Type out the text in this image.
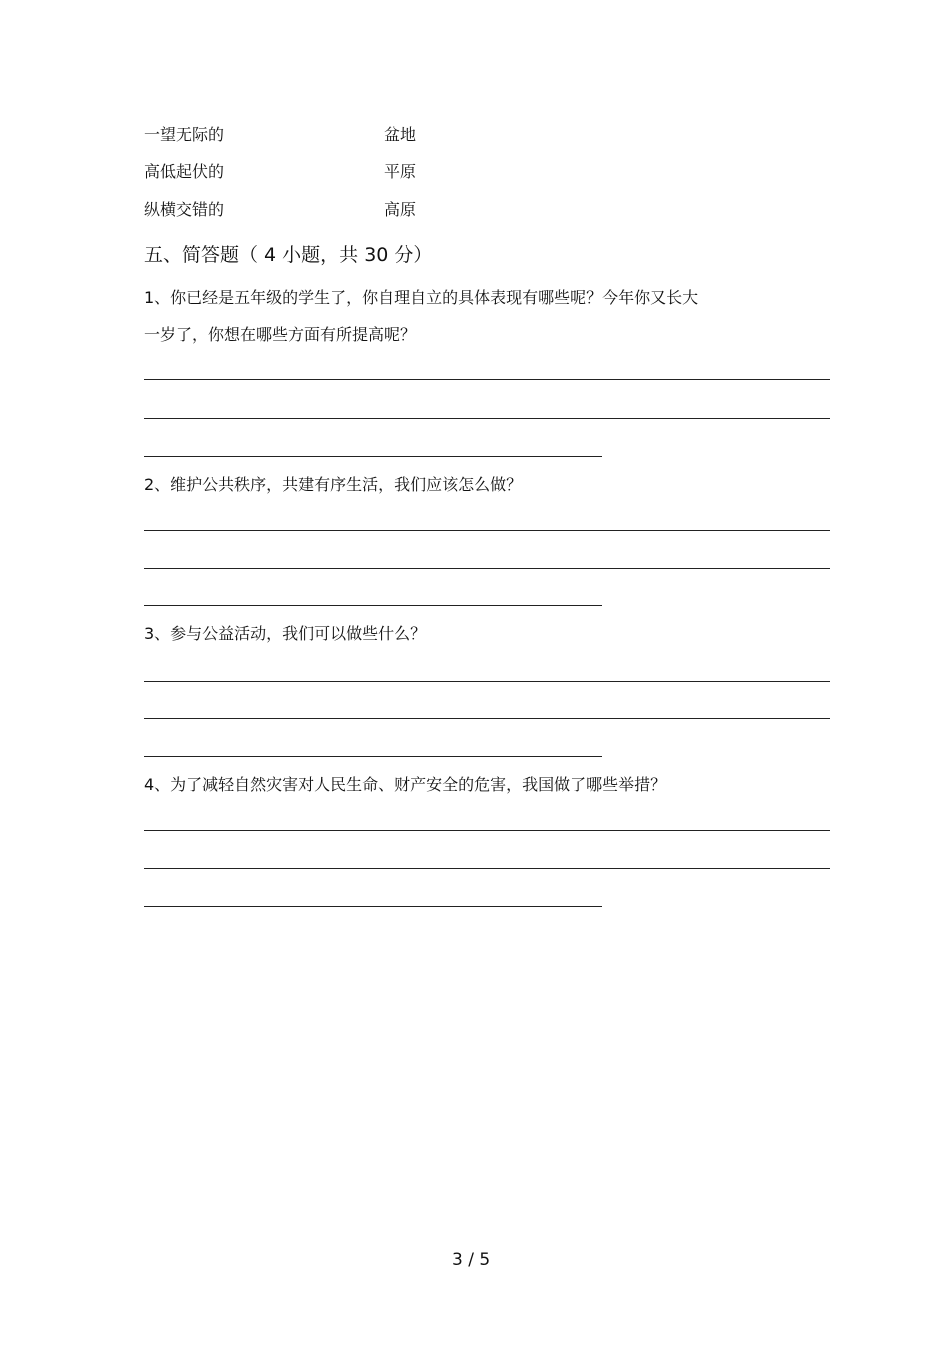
一望无际的	盆地
高低起伏的	平原
纵横交错的	高原
五、简答题（ 4 小题，共 30 分）
1、你已经是五年级的学生了，你自理自立的具体表现有哪些呢？今年你又长大
一岁了，你想在哪些方面有所提高呢？
2、维护公共秩序，共建有序生活，我们应该怎么做？
3、参与公益活动，我们可以做些什么？
4、为了减轻自然灾害对人民生命、财产安全的危害，我国做了哪些举措？
3 / 5
